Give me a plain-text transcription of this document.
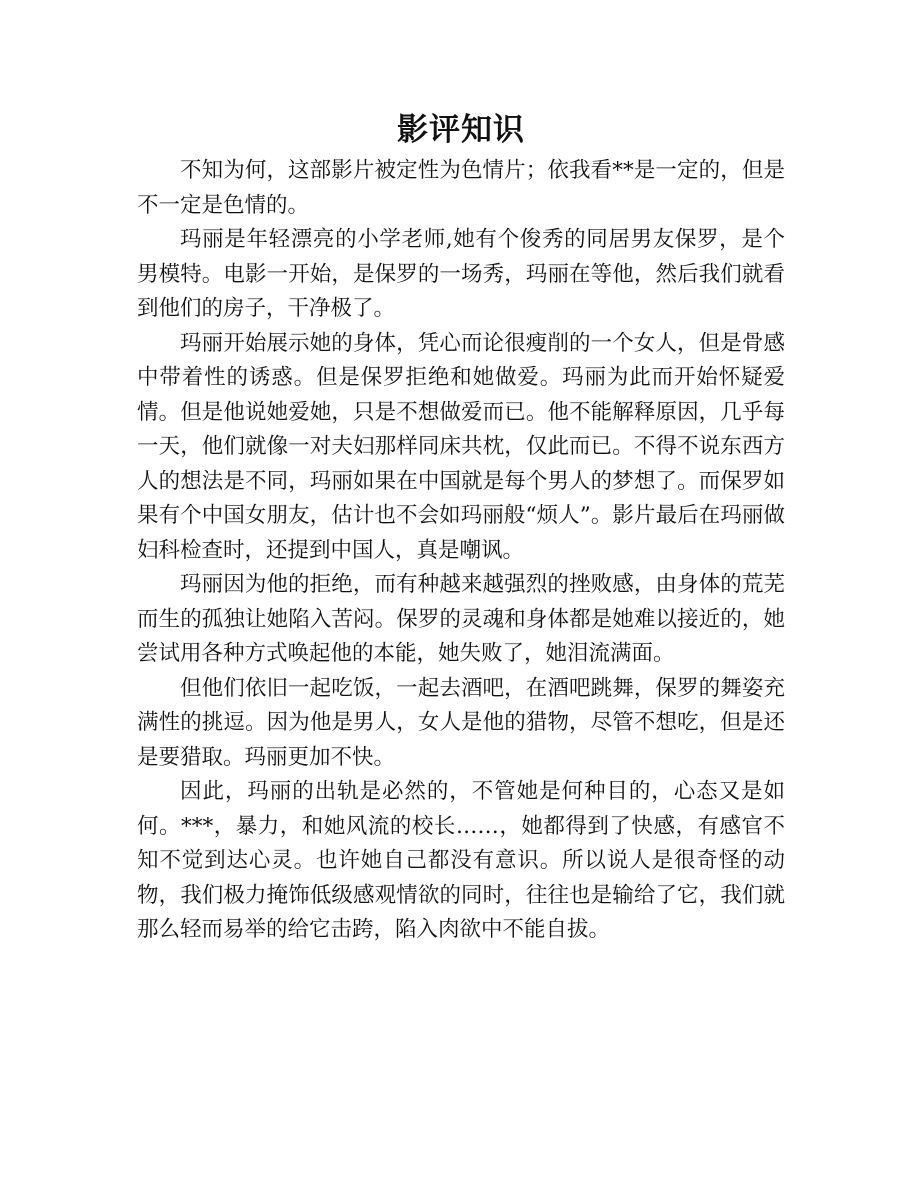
影评知识

不知为何，这部影片被定性为色情片；依我看**是一定的，但是不一定是色情的。

玛丽是年轻漂亮的小学老师,她有个俊秀的同居男友保罗，是个男模特。电影一开始，是保罗的一场秀，玛丽在等他，然后我们就看到他们的房子，干净极了。

玛丽开始展示她的身体，凭心而论很瘦削的一个女人，但是骨感中带着性的诱惑。但是保罗拒绝和她做爱。玛丽为此而开始怀疑爱情。但是他说她爱她，只是不想做爱而已。他不能解释原因，几乎每一天，他们就像一对夫妇那样同床共枕，仅此而已。不得不说东西方人的想法是不同，玛丽如果在中国就是每个男人的梦想了。而保罗如果有个中国女朋友，估计也不会如玛丽般“烦人”。影片最后在玛丽做妇科检查时，还提到中国人，真是嘲讽。

玛丽因为他的拒绝，而有种越来越强烈的挫败感，由身体的荒芜而生的孤独让她陷入苦闷。保罗的灵魂和身体都是她难以接近的，她尝试用各种方式唤起他的本能，她失败了，她泪流满面。

但他们依旧一起吃饭，一起去酒吧，在酒吧跳舞，保罗的舞姿充满性的挑逗。因为他是男人，女人是他的猎物，尽管不想吃，但是还是要猎取。玛丽更加不快。

因此，玛丽的出轨是必然的，不管她是何种目的，心态又是如何。***，暴力，和她风流的校长……，她都得到了快感，有感官不知不觉到达心灵。也许她自己都没有意识。所以说人是很奇怪的动物，我们极力掩饰低级感观情欲的同时，往往也是输给了它，我们就那么轻而易举的给它击跨，陷入肉欲中不能自拔。
